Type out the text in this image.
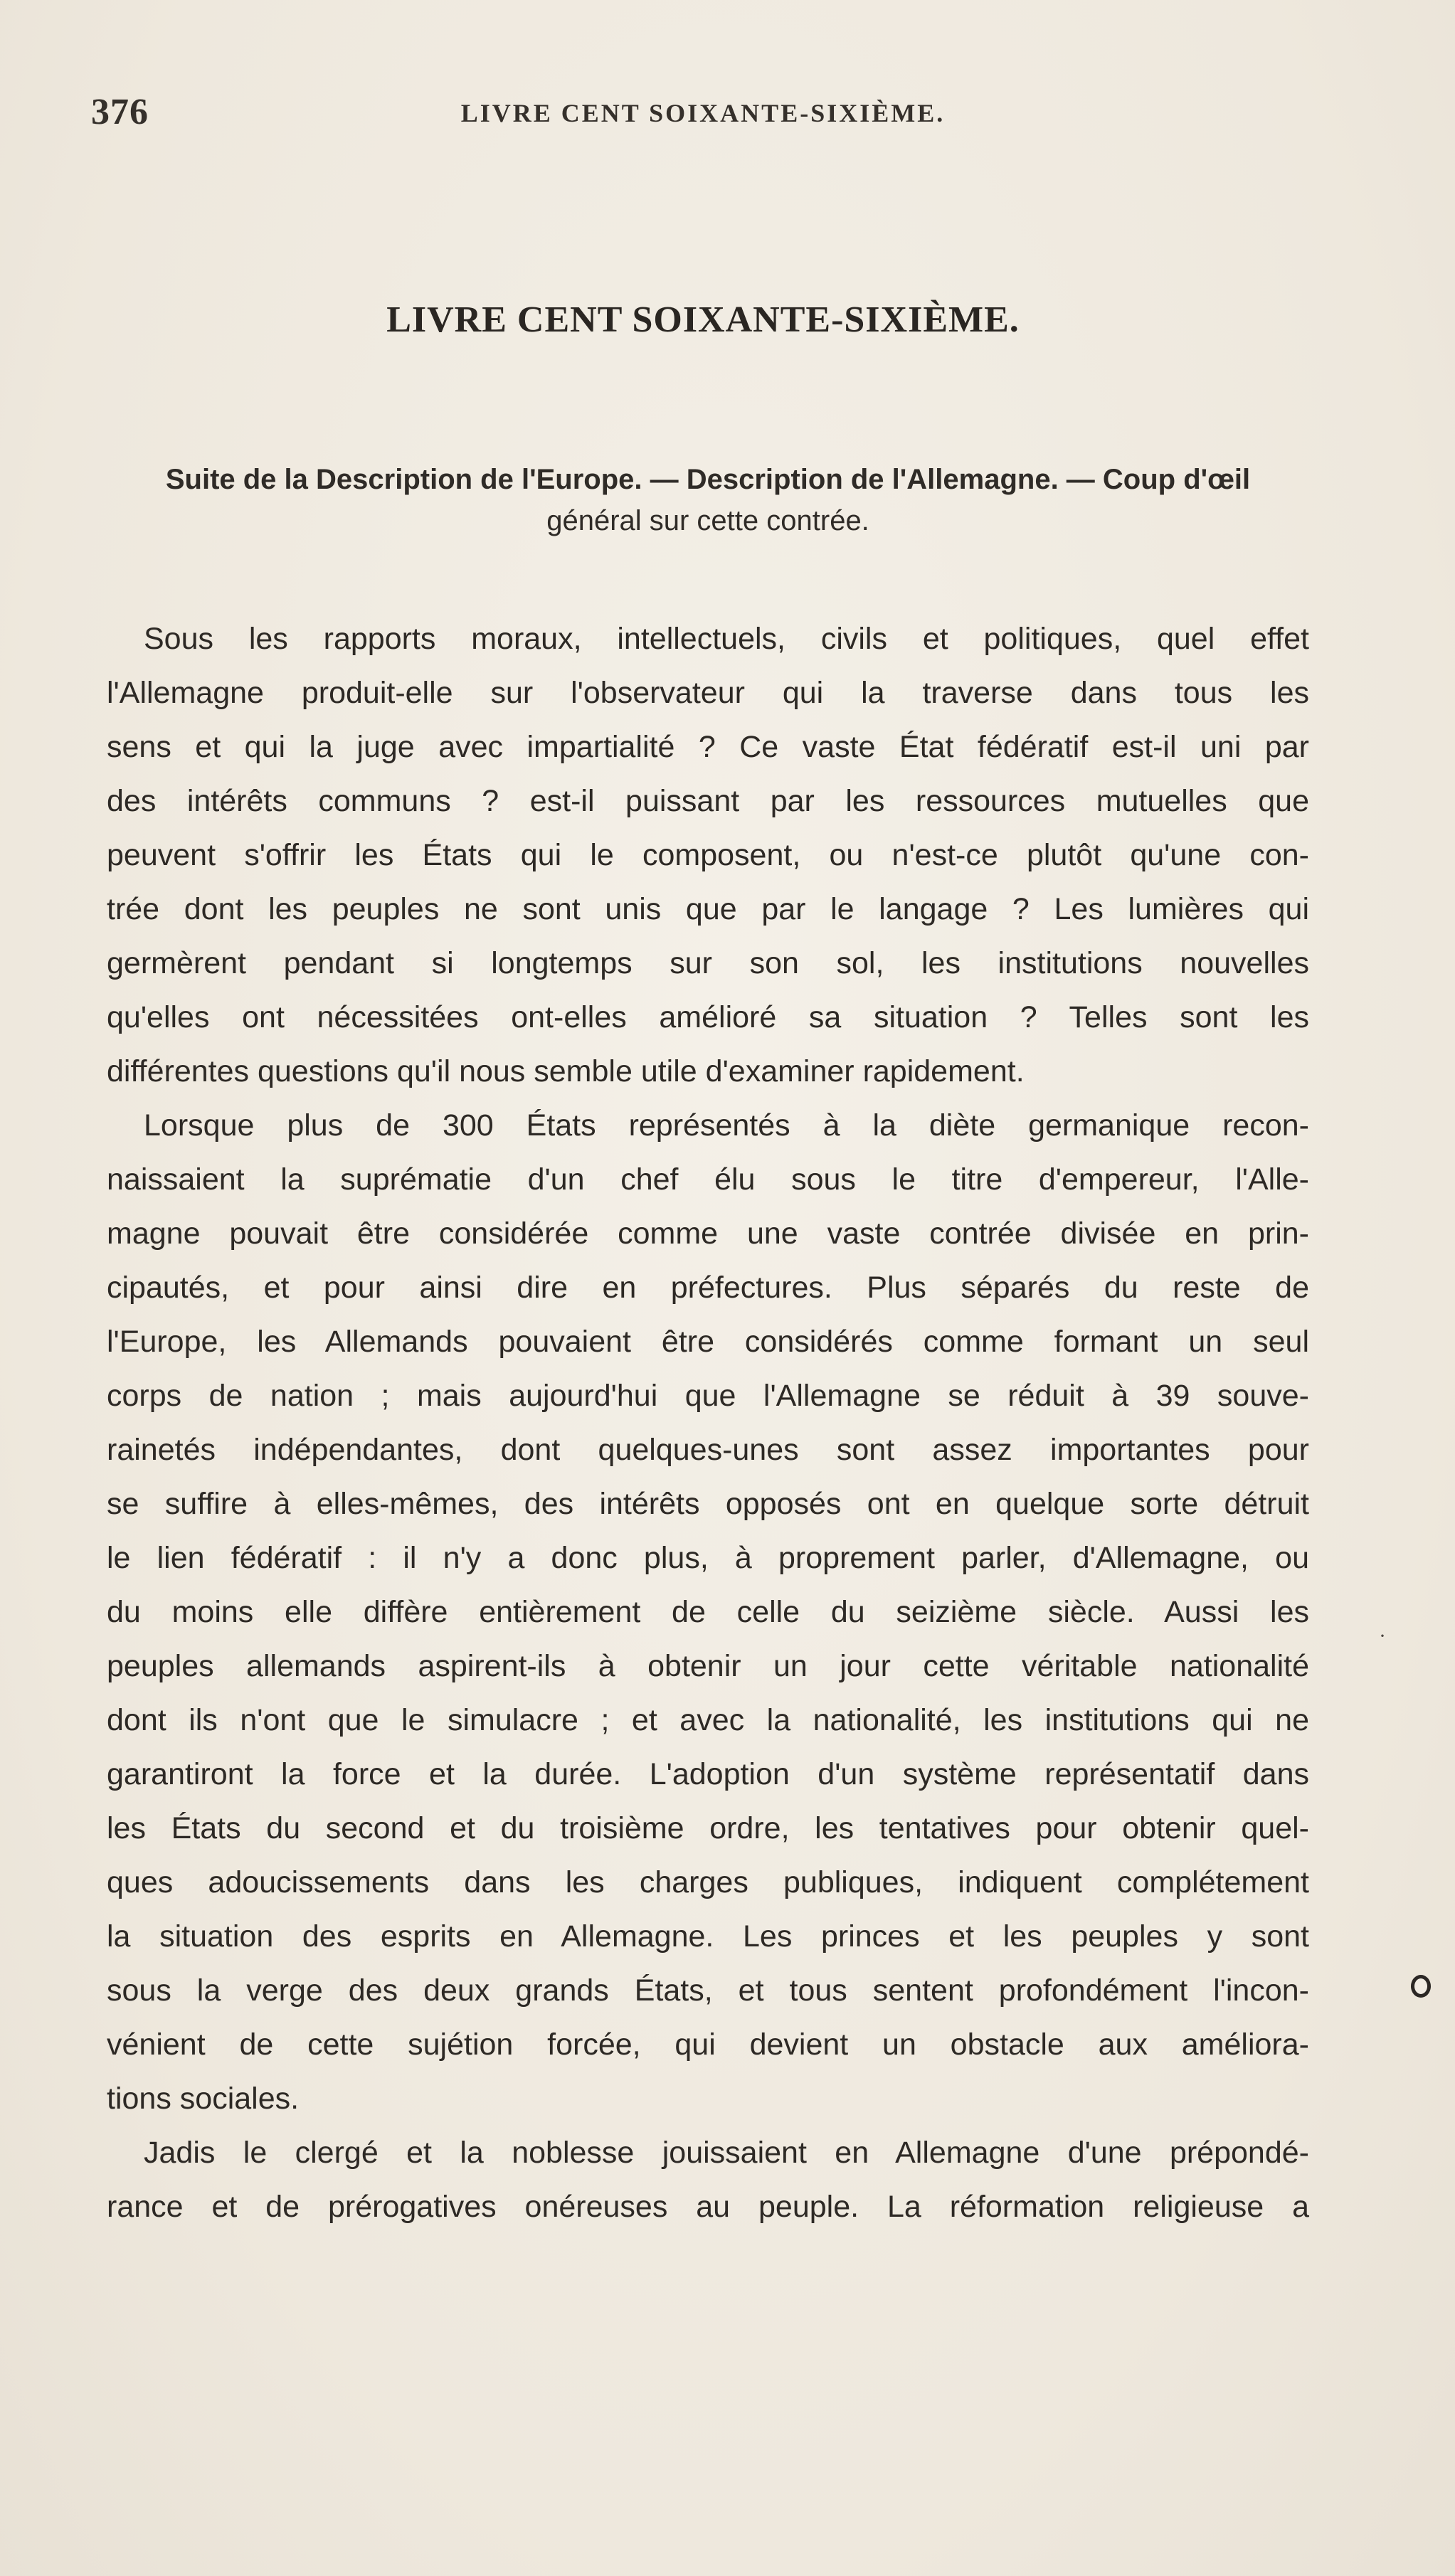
376	LIVRE CENT SOIXANTE-SIXIÈME.
LIVRE CENT SOIXANTE-SIXIÈME.
Suite de la Description de l'Europe. — Description de l'Allemagne. — Coup d'œil
général sur cette contrée.
Sous les rapports moraux, intellectuels, civils et politiques, quel effet
l'Allemagne produit-elle sur l'observateur qui la traverse dans tous les
sens et qui la juge avec impartialité ? Ce vaste État fédératif est-il uni par
des intérêts communs ? est-il puissant par les ressources mutuelles que
peuvent s'offrir les États qui le composent, ou n'est-ce plutôt qu'une con-
trée dont les peuples ne sont unis que par le langage ? Les lumières qui
germèrent pendant si longtemps sur son sol, les institutions nouvelles
qu'elles ont nécessitées ont-elles amélioré sa situation ? Telles sont les
différentes questions qu'il nous semble utile d'examiner rapidement.
Lorsque plus de 300 États représentés à la diète germanique recon-
naissaient la suprématie d'un chef élu sous le titre d'empereur, l'Alle-
magne pouvait être considérée comme une vaste contrée divisée en prin-
cipautés, et pour ainsi dire en préfectures. Plus séparés du reste de
l'Europe, les Allemands pouvaient être considérés comme formant un seul
corps de nation ; mais aujourd'hui que l'Allemagne se réduit à 39 souve-
rainetés indépendantes, dont quelques-unes sont assez importantes pour
se suffire à elles-mêmes, des intérêts opposés ont en quelque sorte détruit
le lien fédératif : il n'y a donc plus, à proprement parler, d'Allemagne, ou
du moins elle diffère entièrement de celle du seizième siècle. Aussi les
peuples allemands aspirent-ils à obtenir un jour cette véritable nationalité
dont ils n'ont que le simulacre ; et avec la nationalité, les institutions qui ne
garantiront la force et la durée. L'adoption d'un système représentatif dans
les États du second et du troisième ordre, les tentatives pour obtenir quel-
ques adoucissements dans les charges publiques, indiquent complétement
la situation des esprits en Allemagne. Les princes et les peuples y sont
sous la verge des deux grands États, et tous sentent profondément l'incon-
vénient de cette sujétion forcée, qui devient un obstacle aux améliora-
tions sociales.
Jadis le clergé et la noblesse jouissaient en Allemagne d'une prépondé-
rance et de prérogatives onéreuses au peuple. La réformation religieuse a
·
